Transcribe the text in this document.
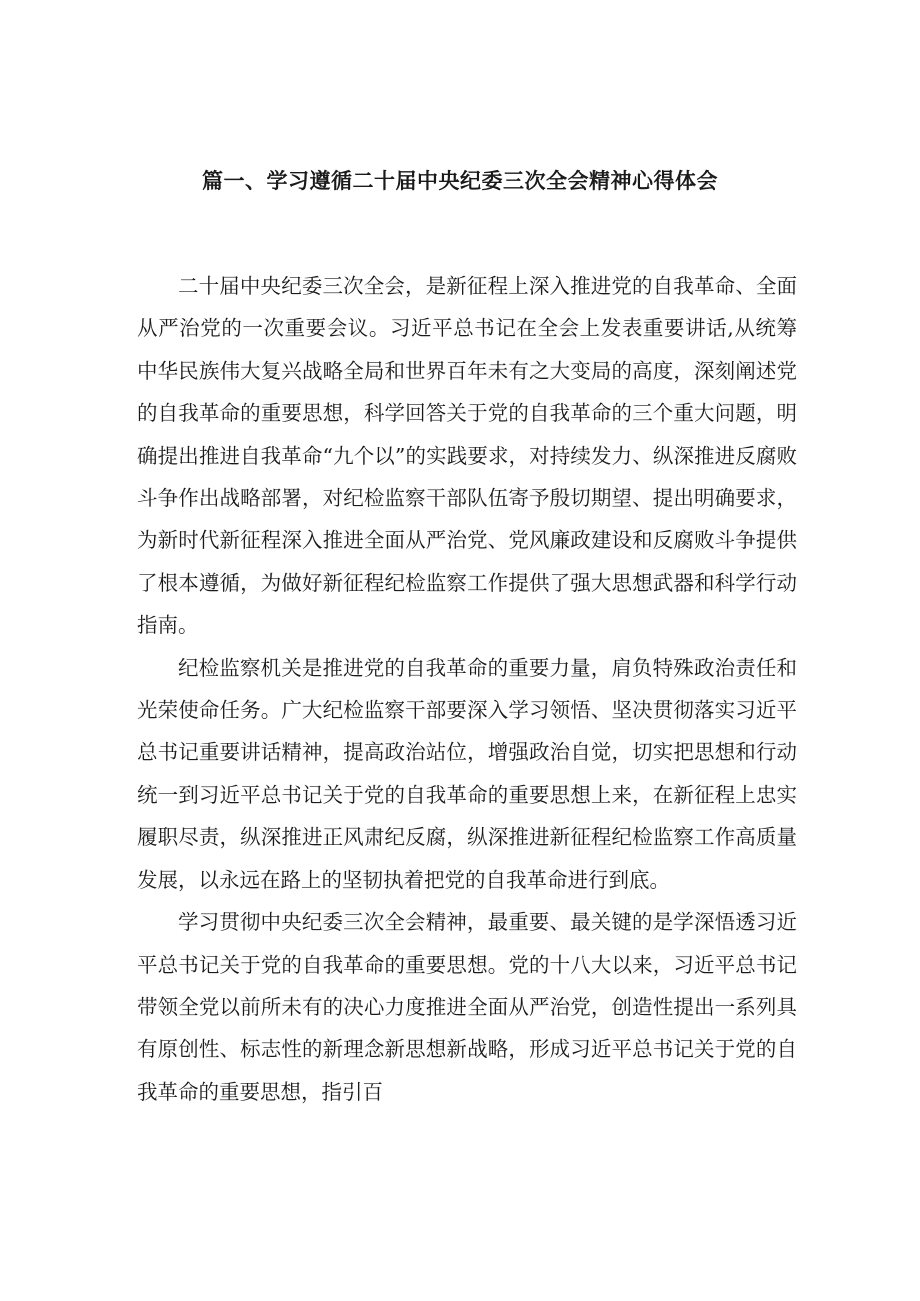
篇一、学习遵循二十届中央纪委三次全会精神心得体会

二十届中央纪委三次全会，是新征程上深入推进党的自我革命、全面从严治党的一次重要会议。习近平总书记在全会上发表重要讲话,从统筹中华民族伟大复兴战略全局和世界百年未有之大变局的高度，深刻阐述党的自我革命的重要思想，科学回答关于党的自我革命的三个重大问题，明确提出推进自我革命“九个以”的实践要求，对持续发力、纵深推进反腐败斗争作出战略部署，对纪检监察干部队伍寄予殷切期望、提出明确要求，为新时代新征程深入推进全面从严治党、党风廉政建设和反腐败斗争提供了根本遵循，为做好新征程纪检监察工作提供了强大思想武器和科学行动指南。

纪检监察机关是推进党的自我革命的重要力量，肩负特殊政治责任和光荣使命任务。广大纪检监察干部要深入学习领悟、坚决贯彻落实习近平总书记重要讲话精神，提高政治站位，增强政治自觉，切实把思想和行动统一到习近平总书记关于党的自我革命的重要思想上来，在新征程上忠实履职尽责，纵深推进正风肃纪反腐，纵深推进新征程纪检监察工作高质量发展，以永远在路上的坚韧执着把党的自我革命进行到底。

学习贯彻中央纪委三次全会精神，最重要、最关键的是学深悟透习近平总书记关于党的自我革命的重要思想。党的十八大以来，习近平总书记带领全党以前所未有的决心力度推进全面从严治党，创造性提出一系列具有原创性、标志性的新理念新思想新战略，形成习近平总书记关于党的自我革命的重要思想，指引百
